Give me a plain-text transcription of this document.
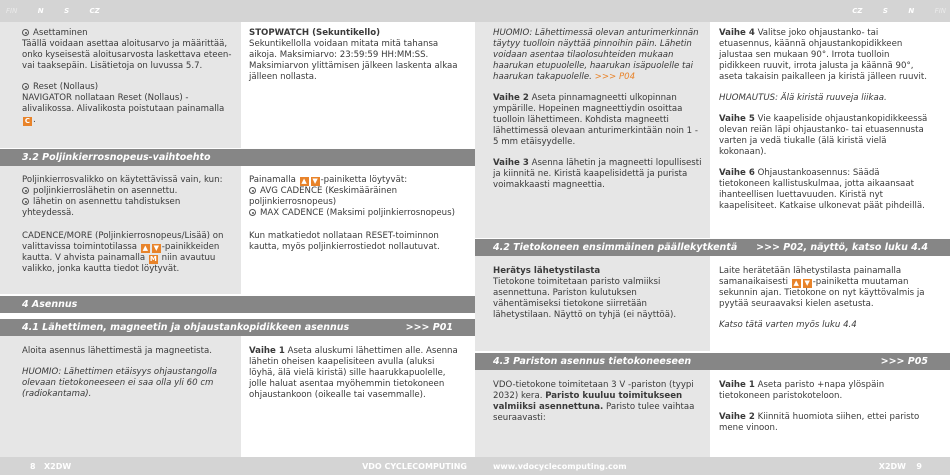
FIN	N	S	CZ
Asettaminen

Täällä voidaan asettaa aloitusarvo ja määrittää, onko kyseisestä aloitusarvosta laskettava eteen- vai taaksepäin. Lisätietoja on luvussa 5.7.

Reset (Nollaus)

NAVIGATOR nollataan Reset (Nollaus) -alivalikossa. Alivalikosta poistutaan painamalla C .

STOPWATCH (Sekuntikello)

Sekuntikellolla voidaan mitata mitä tahansa aikoja. Maksimiarvo: 23:59:59 HH:MM:SS. Maksimiarvon ylittämisen jälkeen laskenta alkaa jälleen nollasta.

3.2 Poljinkierrosnopeus-vaihtoehto
Poljinkierrosvalikko on käytettävissä vain, kun:
poljinkierroslähetin on asennettu.
lähetin on asennettu tahdistuksen yhteydessä.

CADENCE/MORE (Poljinkierrosnopeus/Lisää) on valittavissa toimintotilassa ▲ ▼ -painikkeiden kautta. V ahvista painamalla M niin avautuu valikko, jonka kautta tiedot löytyvät.

Painamalla ▲ ▼ -painiketta löytyvät:
AVG CADENCE (Keskimääräinen poljinkierrosnopeus)
MAX CADENCE (Maksimi poljinkierrosnopeus)

Kun matkatiedot nollataan RESET-toiminnon kautta, myös poljinkierrostiedot nollautuvat.

4 Asennus
4.1 Lähettimen, magneetin ja ohjaustankopidikkeen asennus	>>> P01

Aloita asennus lähettimestä ja magneetista.

HUOMIO: Lähettimen etäisyys ohjaustangolla olevaan tietokoneeseen ei saa olla yli 60 cm (radiokantama).

Vaihe 1 Aseta aluskumi lähettimen alle. Asenna lähetin oheisen kaapelisiteen avulla (aluksi löyhä, älä vielä kiristä) sille haarukkapuolelle, jolle haluat asentaa myöhemmin tietokoneen ohjaustankoon (oikealle tai vasemmalle).

8 X2DW	VDO CYCLECOMPUTING
CZ	S	N	FIN

HUOMIO: Lähettimessä olevan anturimerkinnän täytyy tuolloin näyttää pinnoihin päin. Lähetin voidaan asentaa tilaolosuhteiden mukaan haarukan etupuolelle, haarukan isäpuolelle tai haarukan takapuolelle. >>> P04

Vaihe 2 Aseta pinnamagneetti ulkopinnan ympärille. Hopeinen magneettiydin osoittaa tuolloin lähettimeen. Kohdista magneetti lähettimessä olevaan anturimerkintään noin 1 - 5 mm etäisyydelle.

Vaihe 3 Asenna lähetin ja magneetti lopullisesti ja kiinnitä ne. Kiristä kaapelisidettä ja purista voimakkaasti magneettia.

Vaihe 4 Valitse joko ohjaustanko- tai etuasennus, käännä ohjaustankopidikkeen jalustaa sen mukaan 90°. Irrota tuolloin pidikkeen ruuvit, irrota jalusta ja käännä 90°, aseta takaisin paikalleen ja kiristä jälleen ruuvit.

HUOMAUTUS: Älä kiristä ruuveja liikaa.

Vaihe 5 Vie kaapeliside ohjaustankopidikkeessä olevan reiän läpi ohjaustanko- tai etuasennusta varten ja vedä tiukalle (älä kiristä vielä kokonaan).

Vaihe 6 Ohjaustankoasennus: Säädä tietokoneen kallistuskulmaa, jotta aikaansaat ihanteellisen luettavuuden. Kiristä nyt kaapelisiteet. Katkaise ulkonevat päät pihdeillä.

4.2 Tietokoneen ensimmäinen päällekytkentä >>> P02, näyttö, katso luku 4.4
Herätys lähetystilasta

Tietokone toimitetaan paristo valmiiksi asennettuna. Pariston kulutuksen vähentämiseksi tietokone siirretään lähetystilaan. Näyttö on tyhjä (ei näyttöä).

Laite herätetään lähetystilasta painamalla samanaikaisesti ▲ ▼ -painiketta muutaman sekunnin ajan. Tietokone on nyt käyttövalmis ja pyytää seuraavaksi kielen asetusta.

Katso tätä varten myös luku 4.4

4.3 Pariston asennus tietokoneeseen	>>> P05

VDO-tietokone toimitetaan 3 V -pariston (tyypi 2032) kera. Paristo kuuluu toimitukseen valmiiksi asennettuna. Paristo tulee vaihtaa seuraavasti:

Vaihe 1 Aseta paristo +napa ylöspäin tietokoneen paristokoteloon.

Vaihe 2 Kiinnitä huomiota siihen, ettei paristo mene vinoon.

www.vdocyclecomputing.com	X2DW 9
